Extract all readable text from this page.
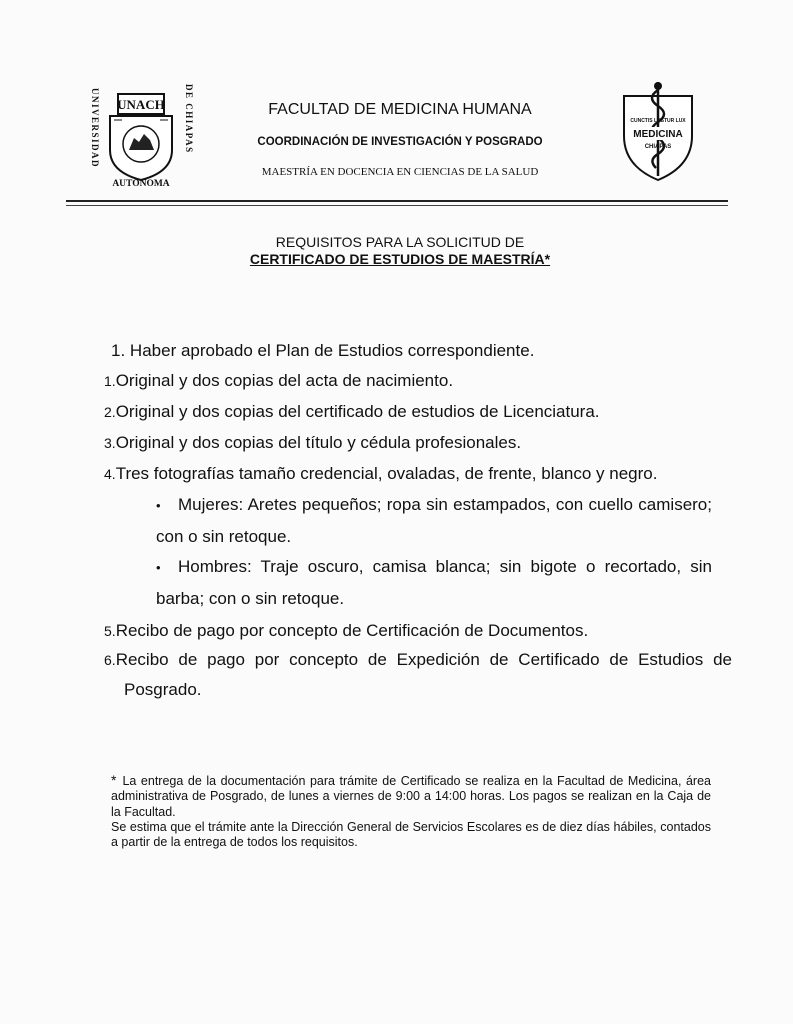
UNIVERSIDAD	DE CHIAPAS
UNACH
AUTONOMA
FACULTAD DE MEDICINA HUMANA
COORDINACIÓN DE INVESTIGACIÓN Y POSGRADO
MAESTRÍA EN DOCENCIA EN CIENCIAS DE LA SALUD
CUNCTIS LUSTUR LUX
MEDICINA
CHIAPAS
REQUISITOS PARA LA SOLICITUD DE
CERTIFICADO DE ESTUDIOS DE MAESTRÍA*
1. Haber aprobado el Plan de Estudios correspondiente.
1.Original y dos copias del acta de nacimiento.
2.Original y dos copias del certificado de estudios de Licenciatura.
3.Original y dos copias del título y cédula profesionales.
4.Tres fotografías tamaño credencial, ovaladas, de frente, blanco y negro.
• Mujeres: Aretes pequeños; ropa sin estampados, con cuello camisero; con o sin retoque.
• Hombres: Traje oscuro, camisa blanca; sin bigote o recortado, sin barba; con o sin retoque.
5.Recibo de pago por concepto de Certificación de Documentos.
6.Recibo de pago por concepto de Expedición de Certificado de Estudios de Posgrado.
* La entrega de la documentación para trámite de Certificado se realiza en la Facultad de Medicina, área administrativa de Posgrado, de lunes a viernes de 9:00 a 14:00 horas. Los pagos se realizan en la Caja de la Facultad.
Se estima que el trámite ante la Dirección General de Servicios Escolares es de diez días hábiles, contados a partir de la entrega de todos los requisitos.
